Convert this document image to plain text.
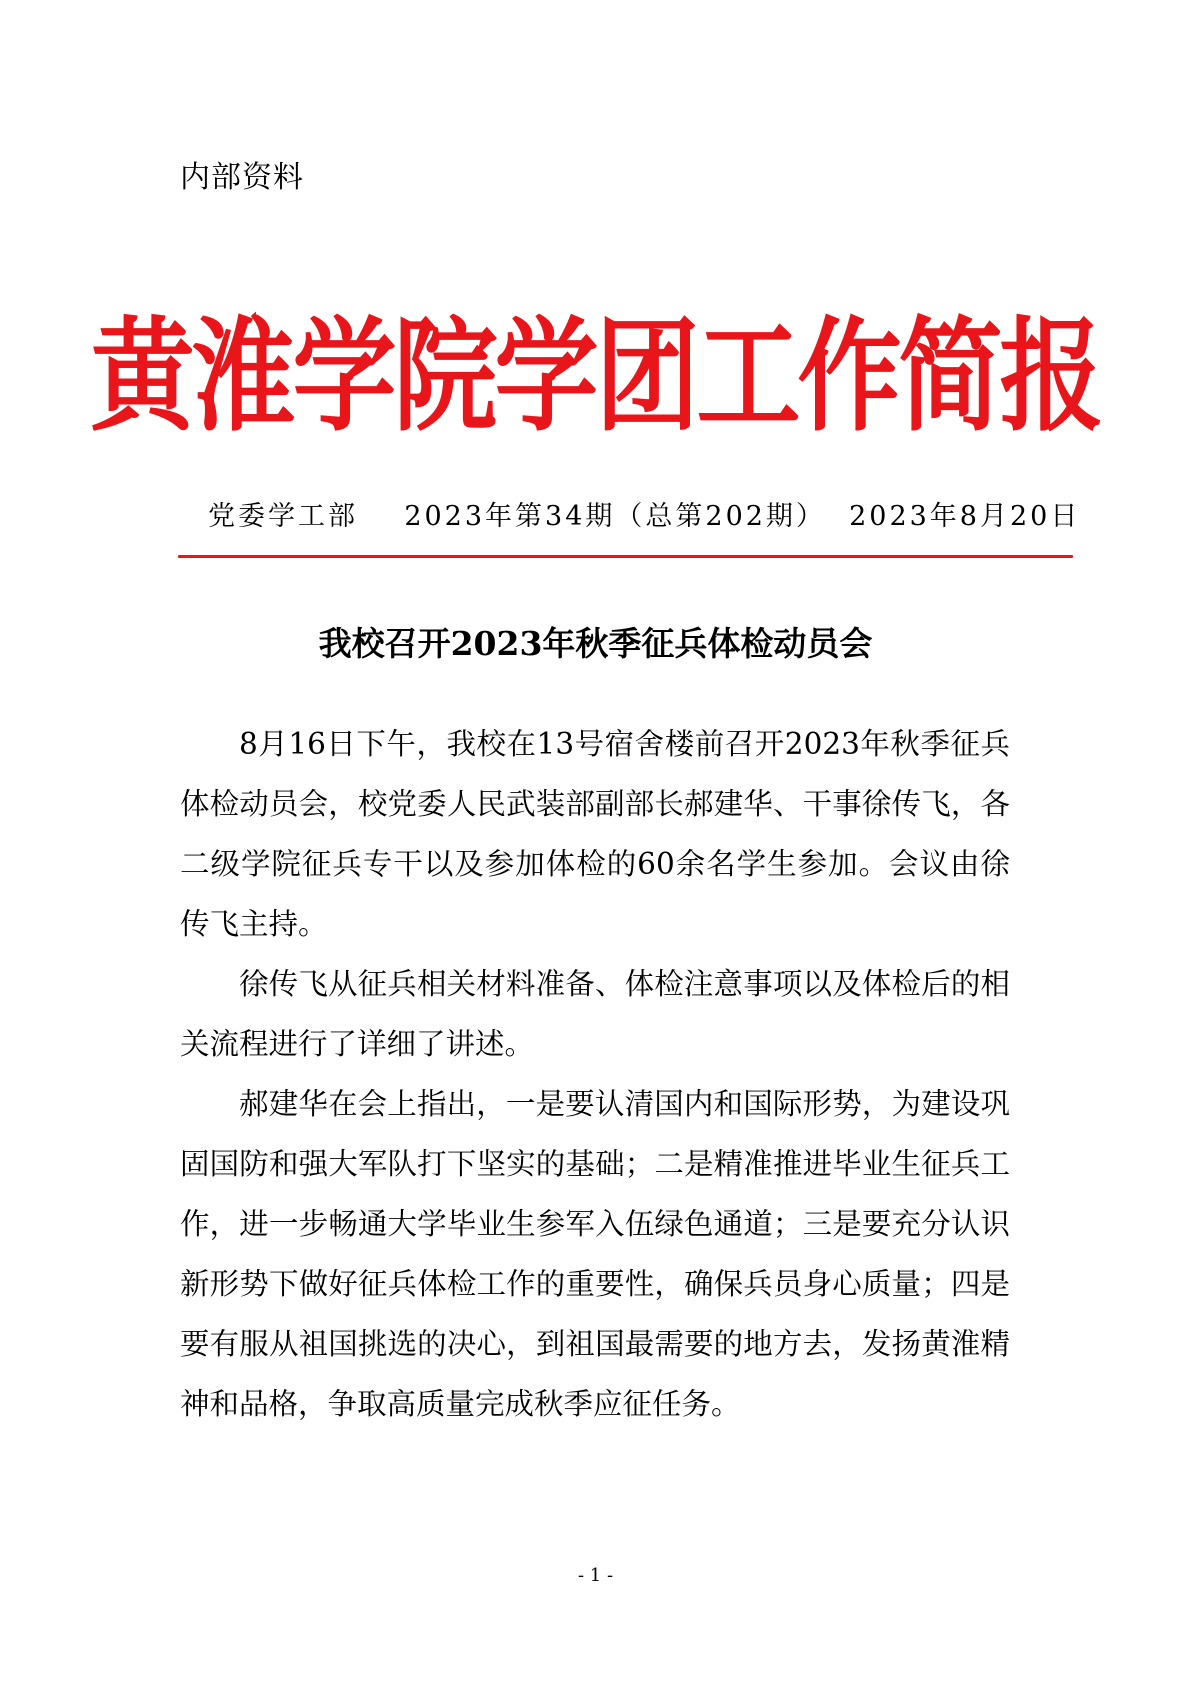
内部资料
黄淮学院学团工作简报
党委学工部    2023年第34期（总第202期）  2023年8月20日
我校召开2023年秋季征兵体检动员会

8月16日下午，我校在13号宿舍楼前召开2023年秋季征兵体检动员会，校党委人民武装部副部长郝建华、干事徐传飞，各二级学院征兵专干以及参加体检的60余名学生参加。会议由徐传飞主持。

徐传飞从征兵相关材料准备、体检注意事项以及体检后的相关流程进行了详细了讲述。

郝建华在会上指出，一是要认清国内和国际形势，为建设巩固国防和强大军队打下坚实的基础；二是精准推进毕业生征兵工作，进一步畅通大学毕业生参军入伍绿色通道；三是要充分认识新形势下做好征兵体检工作的重要性，确保兵员身心质量；四是要有服从祖国挑选的决心，到祖国最需要的地方去，发扬黄淮精神和品格，争取高质量完成秋季应征任务。

- 1 -
